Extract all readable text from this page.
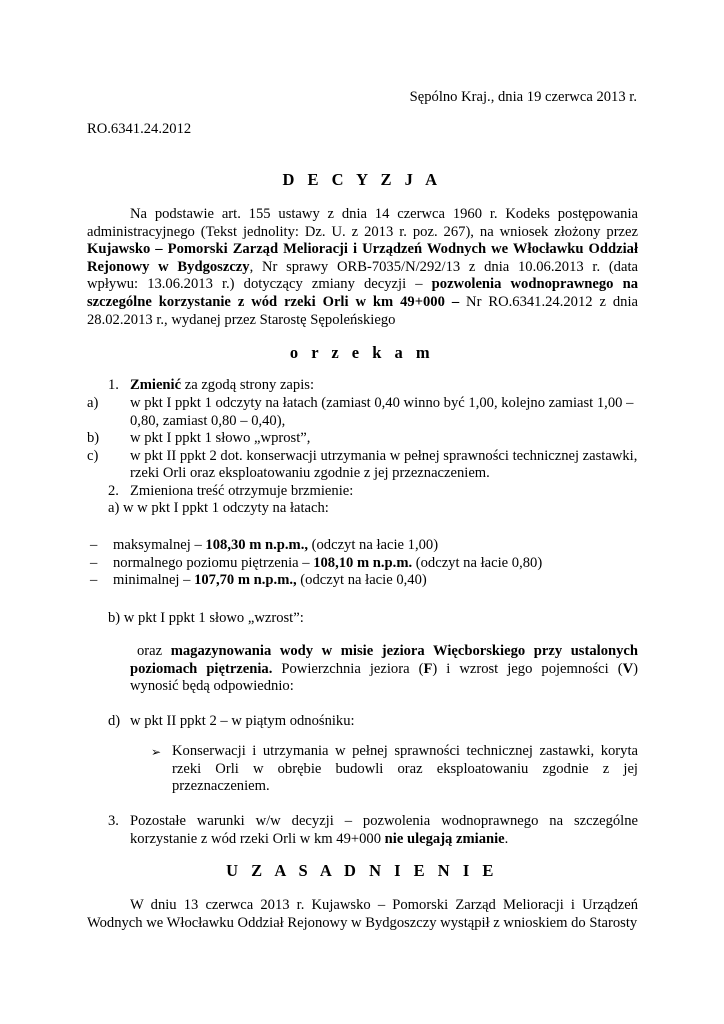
Sępólno Kraj., dnia 19 czerwca 2013 r.
RO.6341.24.2012
D E C Y Z J A
Na podstawie art. 155 ustawy z dnia 14 czerwca 1960 r. Kodeks postępowania administracyjnego (Tekst jednolity: Dz. U. z 2013 r. poz. 267), na wniosek złożony przez Kujawsko – Pomorski Zarząd Melioracji i Urządzeń Wodnych we Włocławku Oddział Rejonowy w Bydgoszczy, Nr sprawy ORB-7035/N/292/13 z dnia 10.06.2013 r. (data wpływu: 13.06.2013 r.) dotyczący zmiany decyzji – pozwolenia wodnoprawnego na szczególne korzystanie z wód rzeki Orli w km 49+000 – Nr RO.6341.24.2012 z dnia 28.02.2013 r., wydanej przez Starostę Sępoleńskiego
o r z e k a m
1. Zmienić za zgodą strony zapis:
a) w pkt I ppkt 1 odczyty na łatach (zamiast 0,40 winno być 1,00, kolejno zamiast 1,00 –
0,80, zamiast 0,80 – 0,40),
b) w pkt I ppkt 1 słowo „wprost”,
c) w pkt II ppkt 2 dot. konserwacji utrzymania w pełnej sprawności technicznej zastawki,
rzeki Orli oraz eksploatowaniu zgodnie z jej przeznaczeniem.
2. Zmieniona treść otrzymuje brzmienie:
a) w w pkt I ppkt 1 odczyty na łatach:
– maksymalnej – 108,30 m n.p.m., (odczyt na łacie 1,00)
– normalnego poziomu piętrzenia – 108,10 m n.p.m. (odczyt na łacie 0,80)
– minimalnej – 107,70 m n.p.m., (odczyt na łacie 0,40)
b) w pkt I ppkt 1 słowo „wzrost”:
oraz magazynowania wody w misie jeziora Więcborskiego przy ustalonych poziomach piętrzenia. Powierzchnia jeziora (F) i wzrost jego pojemności (V) wynosić będą odpowiednio:
d) w pkt II ppkt 2 – w piątym odnośniku:
➢ Konserwacji i utrzymania w pełnej sprawności technicznej zastawki, koryta rzeki Orli w obrębie budowli oraz eksploatowaniu zgodnie z jej przeznaczeniem.
3. Pozostałe warunki w/w decyzji – pozwolenia wodnoprawnego na szczególne korzystanie z wód rzeki Orli w km 49+000 nie ulegają zmianie.
U Z A S A D N I E N I E
W dniu 13 czerwca 2013 r. Kujawsko – Pomorski Zarząd Melioracji i Urządzeń Wodnych we Włocławku Oddział Rejonowy w Bydgoszczy wystąpił z wnioskiem do Starosty
